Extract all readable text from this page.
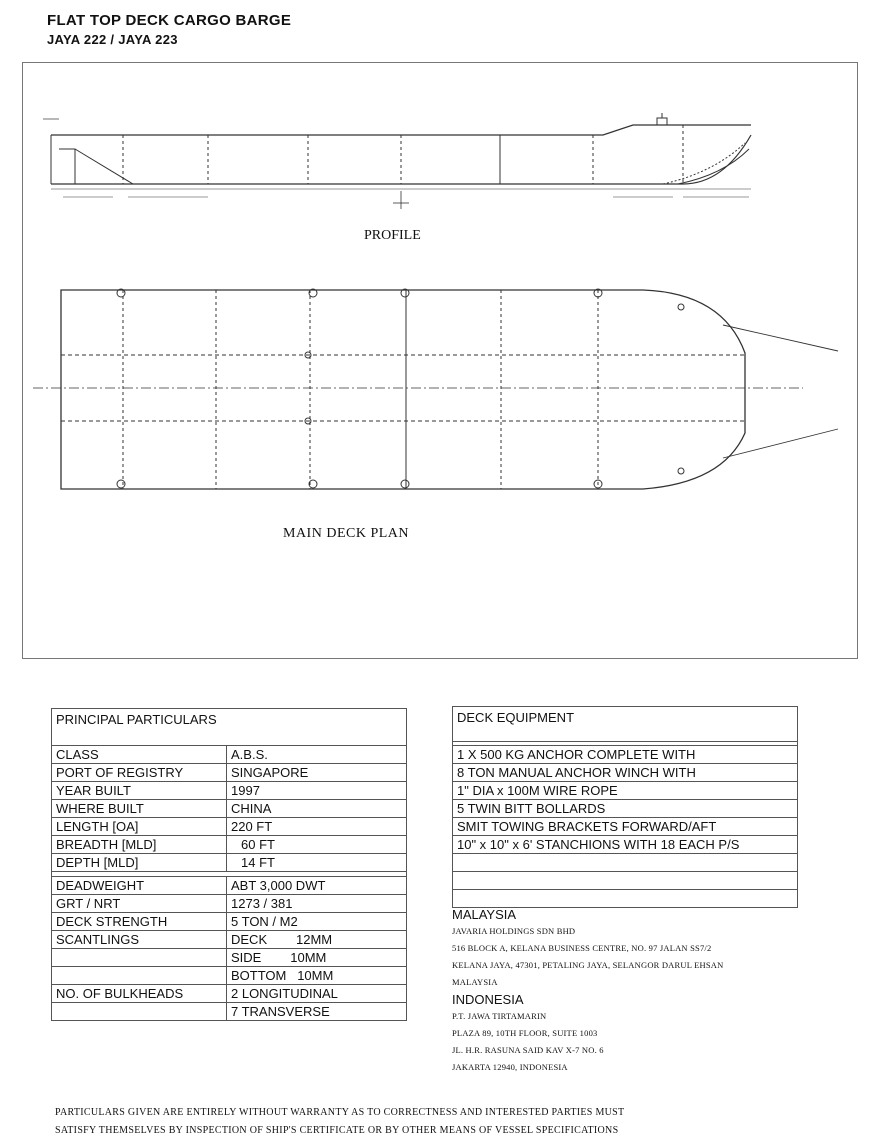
FLAT TOP DECK CARGO BARGE
JAYA 222 / JAYA 223
PROFILE
MAIN DECK PLAN
PRINCIPAL PARTICULARS	
CLASS	A.B.S.
PORT OF REGISTRY	SINGAPORE
YEAR BUILT	1997
WHERE BUILT	CHINA
LENGTH [OA]	220 FT
BREADTH [MLD]	60 FT
DEPTH [MLD]	14 FT

DEADWEIGHT	ABT 3,000 DWT
GRT / NRT	1273 / 381
DECK STRENGTH	5 TON / M2
SCANTLINGS	DECK        12MM
	SIDE        10MM
	BOTTOM   10MM
NO. OF BULKHEADS	2 LONGITUDINAL
	7 TRANSVERSE
DECK EQUIPMENT

1 X 500 KG ANCHOR COMPLETE WITH
8 TON MANUAL ANCHOR WINCH WITH
1" DIA x 100M WIRE ROPE
5 TWIN BITT BOLLARDS
SMIT TOWING BRACKETS FORWARD/AFT
10" x 10" x 6' STANCHIONS WITH 18 EACH P/S

MALAYSIA
JAVARIA HOLDINGS SDN BHD
516 BLOCK A, KELANA BUSINESS CENTRE, NO. 97 JALAN SS7/2
KELANA JAYA, 47301, PETALING JAYA, SELANGOR DARUL EHSAN
MALAYSIA
INDONESIA
P.T. JAWA TIRTAMARIN
PLAZA 89, 10TH FLOOR, SUITE 1003
JL. H.R. RASUNA SAID KAV X-7 NO. 6
JAKARTA 12940, INDONESIA
PARTICULARS GIVEN ARE ENTIRELY WITHOUT WARRANTY AS TO CORRECTNESS AND INTERESTED PARTIES MUST
SATISFY THEMSELVES BY INSPECTION OF SHIP'S CERTIFICATE OR BY OTHER MEANS OF VESSEL SPECIFICATIONS
